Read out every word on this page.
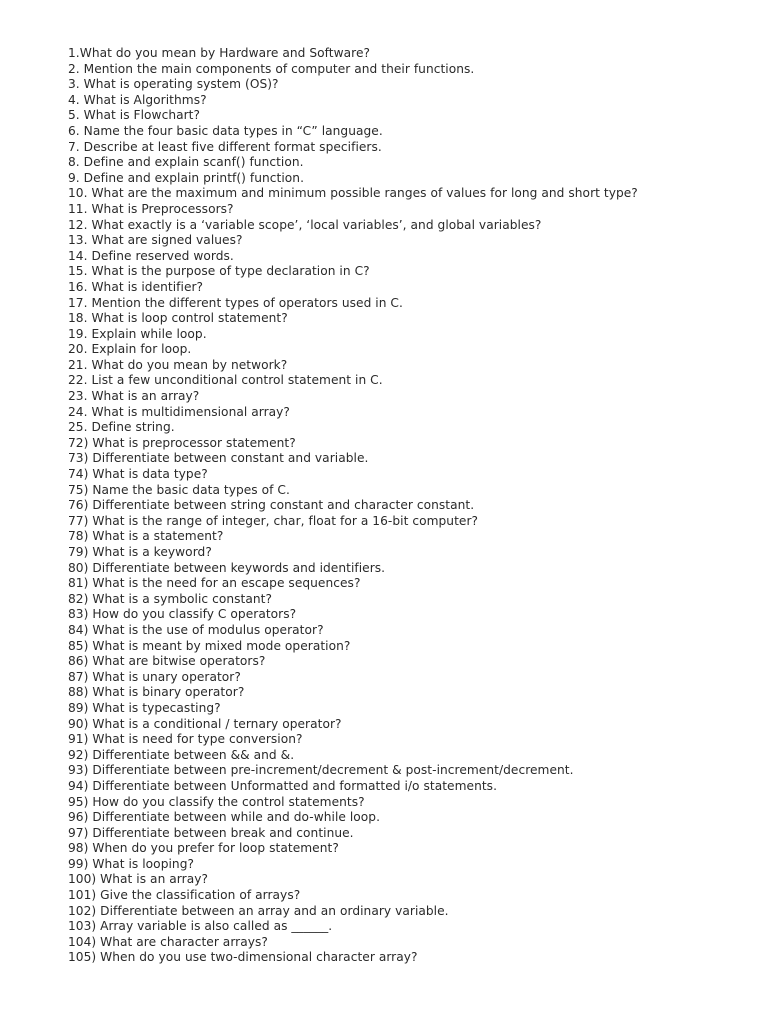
1.What do you mean by Hardware and Software?
2. Mention the main components of computer and their functions.
3. What is operating system (OS)?
4. What is Algorithms?
5. What is Flowchart?
6. Name the four basic data types in “C” language.
7. Describe at least five different format specifiers.
8. Define and explain scanf() function.
9. Define and explain printf() function.
10. What are the maximum and minimum possible ranges of values for long and short type?
11. What is Preprocessors?
12. What exactly is a ‘variable scope’, ‘local variables’, and global variables?
13. What are signed values?
14. Define reserved words.
15. What is the purpose of type declaration in C?
16. What is identifier?
17. Mention the different types of operators used in C.
18. What is loop control statement?
19. Explain while loop.
20. Explain for loop.
21. What do you mean by network?
22. List a few unconditional control statement in C.
23. What is an array?
24. What is multidimensional array?
25. Define string.
72) What is preprocessor statement?
73) Differentiate between constant and variable.
74) What is data type?
75) Name the basic data types of C.
76) Differentiate between string constant and character constant.
77) What is the range of integer, char, float for a 16-bit computer?
78) What is a statement?
79) What is a keyword?
80) Differentiate between keywords and identifiers.
81) What is the need for an escape sequences?
82) What is a symbolic constant?
83) How do you classify C operators?
84) What is the use of modulus operator?
85) What is meant by mixed mode operation?
86) What are bitwise operators?
87) What is unary operator?
88) What is binary operator?
89) What is typecasting?
90) What is a conditional / ternary operator?
91) What is need for type conversion?
92) Differentiate between && and &.
93) Differentiate between pre-increment/decrement & post-increment/decrement.
94) Differentiate between Unformatted and formatted i/o statements.
95) How do you classify the control statements?
96) Differentiate between while and do-while loop.
97) Differentiate between break and continue.
98) When do you prefer for loop statement?
99) What is looping?
100) What is an array?
101) Give the classification of arrays?
102) Differentiate between an array and an ordinary variable.
103) Array variable is also called as ______.
104) What are character arrays?
105) When do you use two-dimensional character array?
